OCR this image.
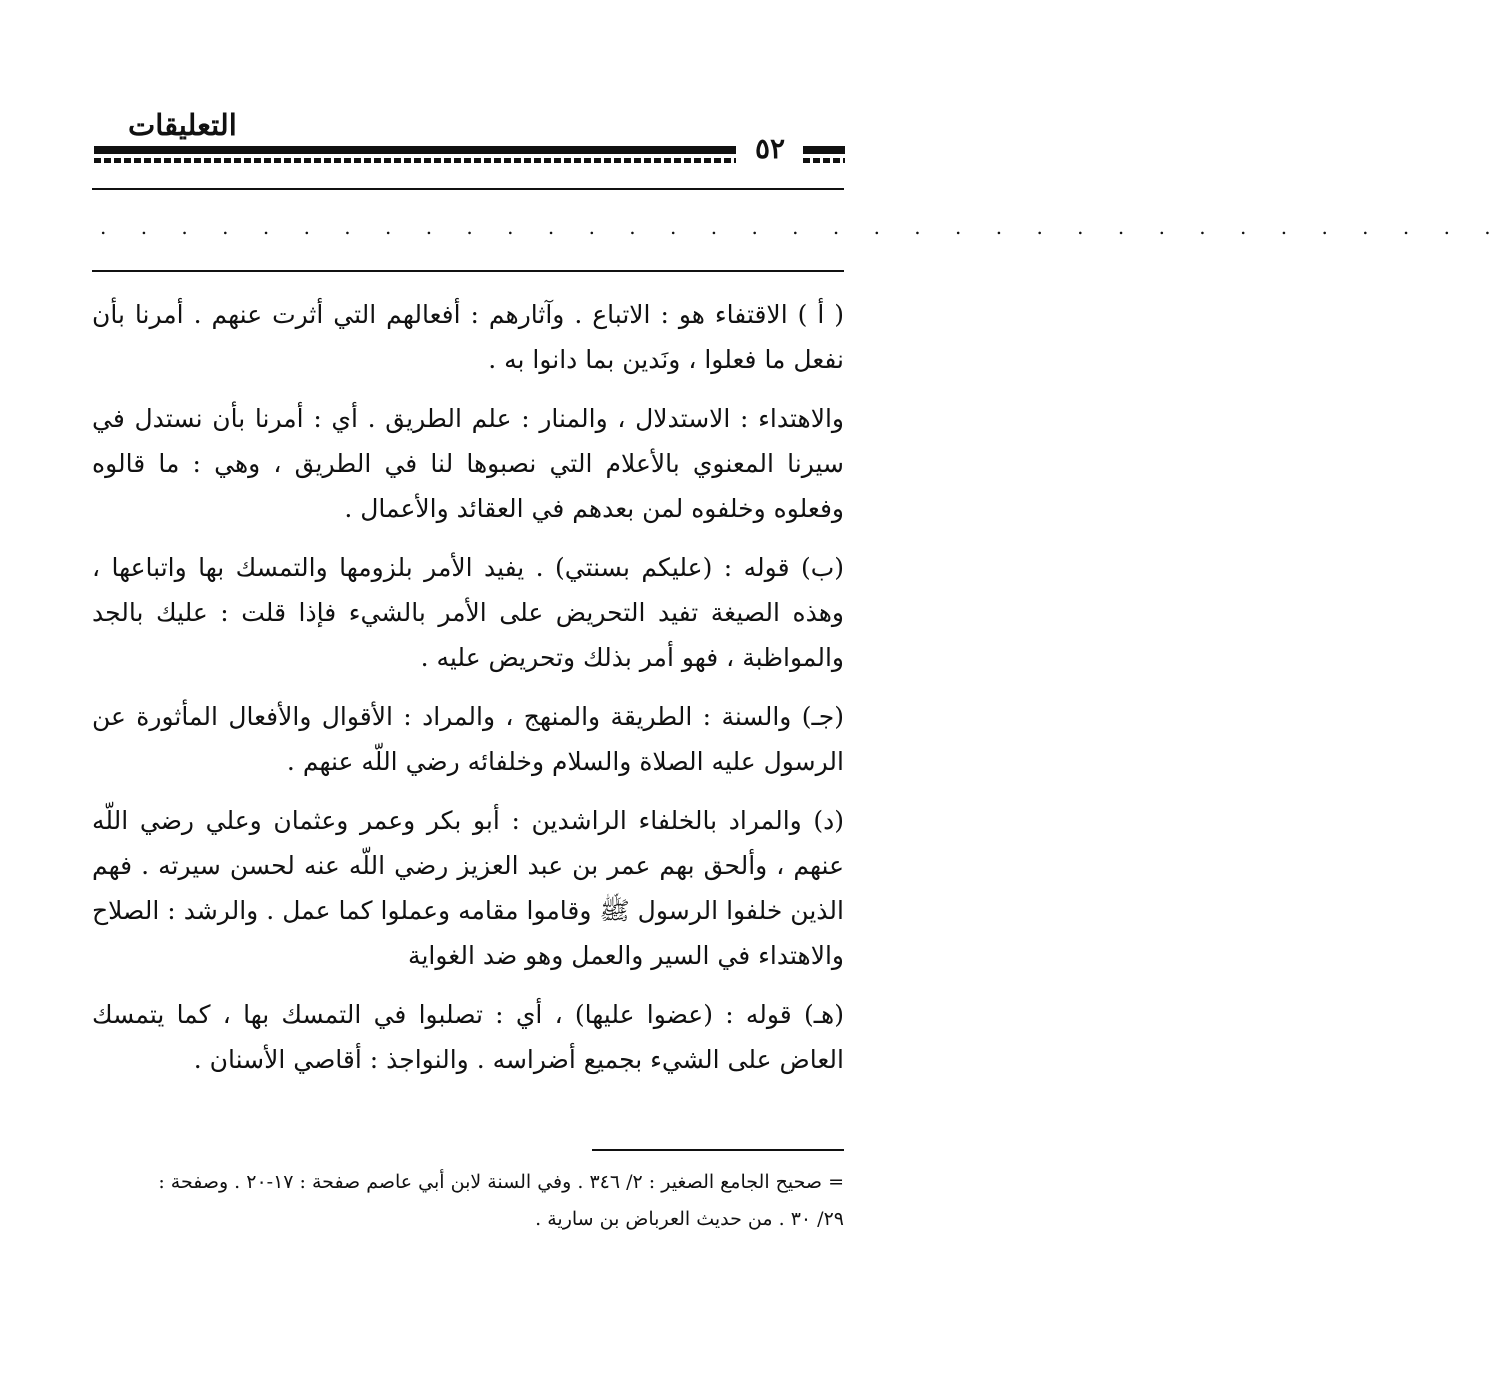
التعليقات
٥٢
. . . . . . . . . . . . . . . . . . . . . . . . . . . . . . . . . . .

( أ ) الاقتفاء هو : الاتباع . وآثارهم : أفعالهم التي أثرت عنهم . أمرنا بأن نفعل ما فعلوا ، ونَدين بما دانوا به .

والاهتداء : الاستدلال ، والمنار : علم الطريق . أي : أمرنا بأن نستدل في سيرنا المعنوي بالأعلام التي نصبوها لنا في الطريق ، وهي : ما قالوه وفعلوه وخلفوه لمن بعدهم في العقائد والأعمال .

(ب) قوله : (عليكم بسنتي) . يفيد الأمر بلزومها والتمسك بها واتباعها ، وهذه الصيغة تفيد التحريض على الأمر بالشيء فإذا قلت : عليك بالجد والمواظبة ، فهو أمر بذلك وتحريض عليه .

(جـ) والسنة : الطريقة والمنهج ، والمراد : الأقوال والأفعال المأثورة عن الرسول عليه الصلاة والسلام وخلفائه رضي اللّه عنهم .

(د) والمراد بالخلفاء الراشدين : أبو بكر وعمر وعثمان وعلي رضي اللّه عنهم ، وألحق بهم عمر بن عبد العزيز رضي اللّه عنه لحسن سيرته . فهم الذين خلفوا الرسول ﷺ وقاموا مقامه وعملوا كما عمل . والرشد : الصلاح والاهتداء في السير والعمل وهو ضد الغواية

(هـ) قوله : (عضوا عليها) ، أي : تصلبوا في التمسك بها ، كما يتمسك العاض على الشيء بجميع أضراسه . والنواجذ : أقاصي الأسنان .

= صحيح الجامع الصغير : ٢/ ٣٤٦ . وفي السنة لابن أبي عاصم صفحة : ١٧-٢٠ . وصفحة :

٢٩/ ٣٠ . من حديث العرباض بن سارية .
